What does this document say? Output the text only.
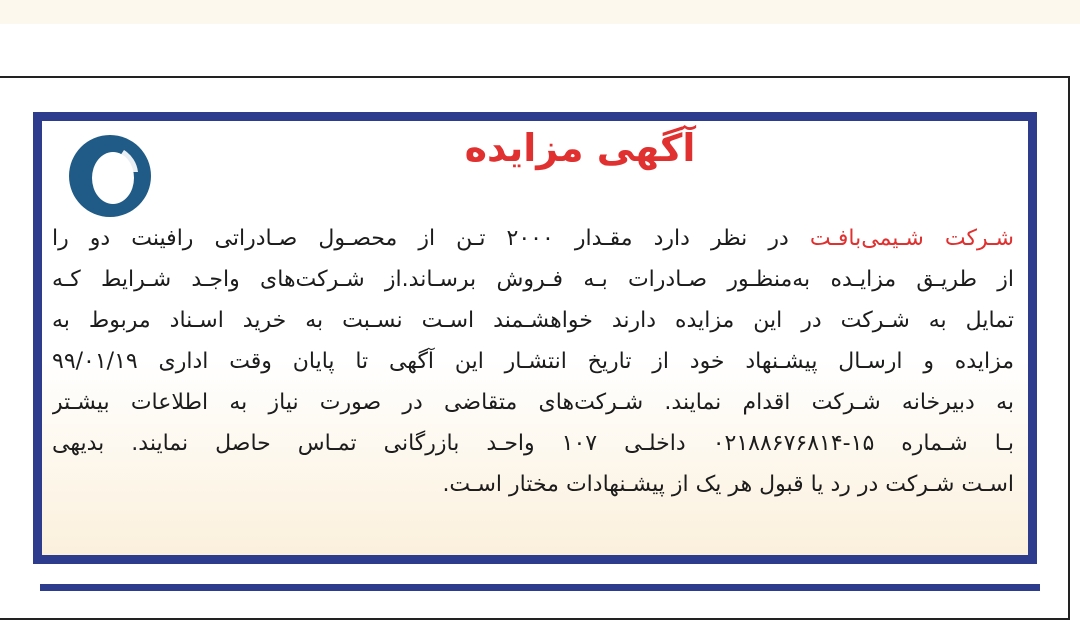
آگهی مزایده
شـرکت شـیمی‌بافـت در نظر دارد مقـدار ۲۰۰۰ تـن از محصـول صـادراتی رافینت دو را
از طریـق مزایـده به‌منظـور صـادرات بـه فـروش برسـاند.از شـرکت‌های واجـد شـرایط کـه
تمایل به شـرکت در این مزایده دارند خواهشـمند اسـت نسـبت به خرید اسـناد مربوط به
مزایده و ارسـال پیشـنهاد خود از تاریخ انتشـار این آگهی تا پایان وقت اداری ۹۹/۰۱/۱۹
به دبیرخانه شـرکت اقدام نمایند. شـرکت‌های متقاضی در صورت نیاز به اطلاعات بیشـتر
بـا شـماره ۱۵-۰۲۱۸۸۶۷۶۸۱۴ داخلـی ۱۰۷ واحـد بازرگانی تمـاس حاصل نمایند. بدیهی
اسـت شـرکت در رد یا قبول هر یک از پیشـنهادات مختار اسـت.
